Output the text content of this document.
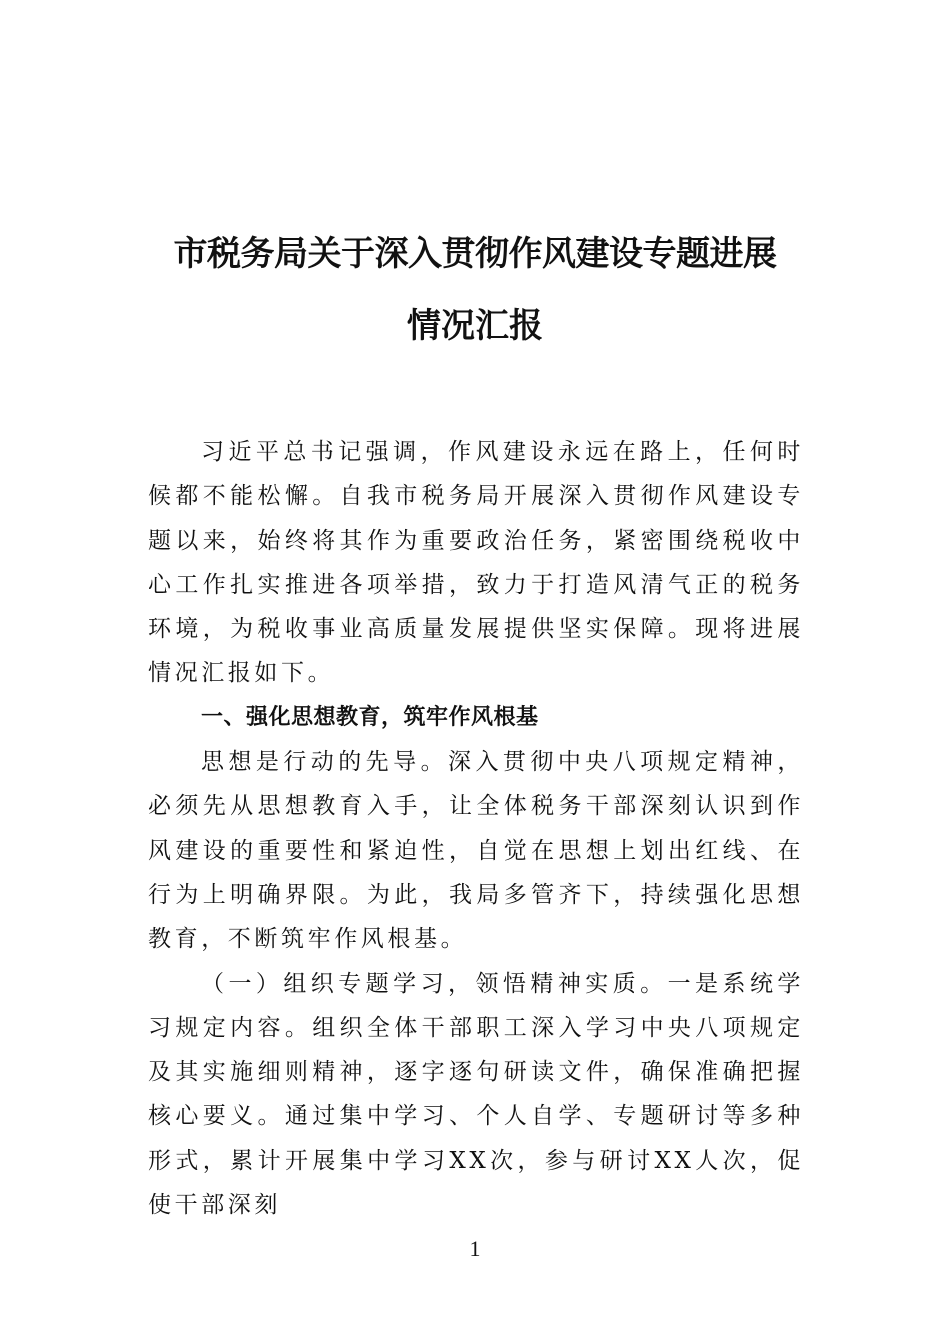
市税务局关于深入贯彻作风建设专题进展
情况汇报

习近平总书记强调，作风建设永远在路上，任何时候都不能松懈。自我市税务局开展深入贯彻作风建设专题以来，始终将其作为重要政治任务，紧密围绕税收中心工作扎实推进各项举措，致力于打造风清气正的税务环境，为税收事业高质量发展提供坚实保障。现将进展情况汇报如下。

一、强化思想教育，筑牢作风根基

思想是行动的先导。深入贯彻中央八项规定精神，必须先从思想教育入手，让全体税务干部深刻认识到作风建设的重要性和紧迫性，自觉在思想上划出红线、在行为上明确界限。为此，我局多管齐下，持续强化思想教育，不断筑牢作风根基。

（一）组织专题学习，领悟精神实质。一是系统学习规定内容。组织全体干部职工深入学习中央八项规定及其实施细则精神，逐字逐句研读文件，确保准确把握核心要义。通过集中学习、个人自学、专题研讨等多种形式，累计开展集中学习XX次，参与研讨XX人次，促使干部深刻

1
